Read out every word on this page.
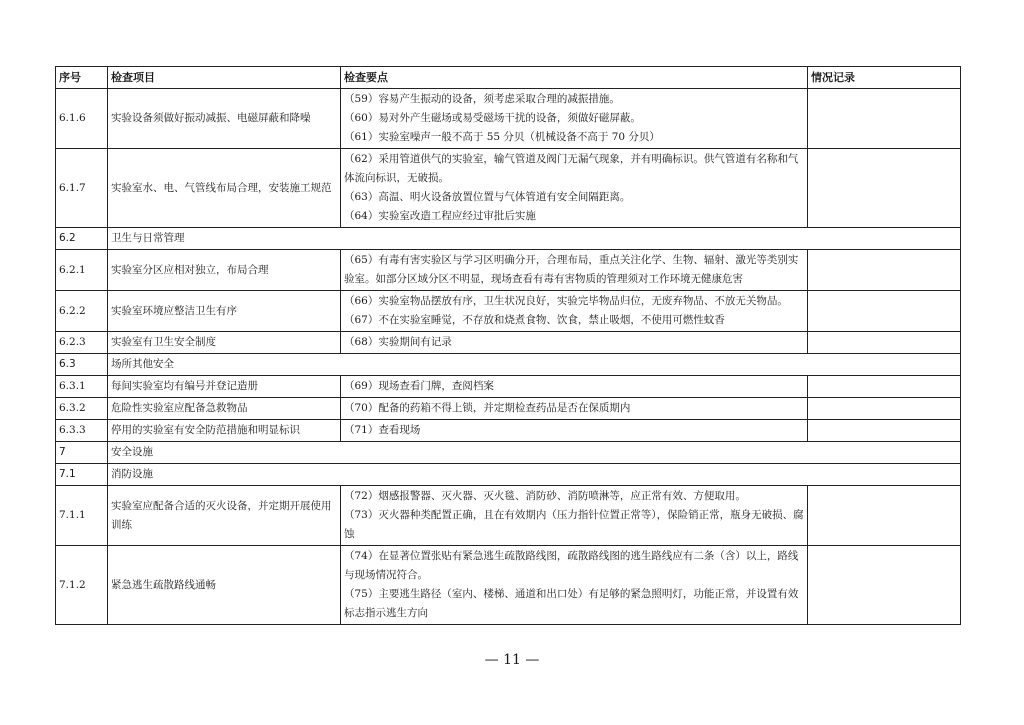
序号	检查项目	检查要点	情况记录
6.1.6	实验设备须做好振动减振、电磁屏蔽和降噪	（59）容易产生振动的设备，须考虑采取合理的减振措施。
（60）易对外产生磁场或易受磁场干扰的设备，须做好磁屏蔽。
（61）实验室噪声一般不高于 55 分贝（机械设备不高于 70 分贝）	

6.1.7	实验室水、电、气管线布局合理，安装施工规范	（62）采用管道供气的实验室，输气管道及阀门无漏气现象，并有明确标识。供气管道有名称和气体流向标识，无破损。
（63）高温、明火设备放置位置与气体管道有安全间隔距离。
（64）实验室改造工程应经过审批后实施	

6.2	卫生与日常管理		
6.2.1	实验室分区应相对独立，布局合理	（65）有毒有害实验区与学习区明确分开，合理布局，重点关注化学、生物、辐射、激光等类别实验室。如部分区域分区不明显，现场查看有毒有害物质的管理须对工作环境无健康危害	

6.2.2	实验室环境应整洁卫生有序	（66）实验室物品摆放有序，卫生状况良好，实验完毕物品归位，无废弃物品、不放无关物品。
（67）不在实验室睡觉，不存放和烧煮食物、饮食，禁止吸烟，不使用可燃性蚊香	

6.2.3	实验室有卫生安全制度	（68）实验期间有记录	

6.3	场所其他安全		
6.3.1	每间实验室均有编号并登记造册	（69）现场查看门牌，查阅档案	

6.3.2	危险性实验室应配备急救物品	（70）配备的药箱不得上锁，并定期检查药品是否在保质期内	

6.3.3	停用的实验室有安全防范措施和明显标识	（71）查看现场	

7	安全设施		
7.1	消防设施		
7.1.1	实验室应配备合适的灭火设备，并定期开展使用训练	（72）烟感报警器、灭火器、灭火毯、消防砂、消防喷淋等，应正常有效、方便取用。
（73）灭火器种类配置正确，且在有效期内（压力指针位置正常等），保险销正常，瓶身无破损、腐蚀	

7.1.2	紧急逃生疏散路线通畅	（74）在显著位置张贴有紧急逃生疏散路线图，疏散路线图的逃生路线应有二条（含）以上，路线与现场情况符合。
（75）主要逃生路径（室内、楼梯、通道和出口处）有足够的紧急照明灯，功能正常，并设置有效标志指示逃生方向	

— 11 —
